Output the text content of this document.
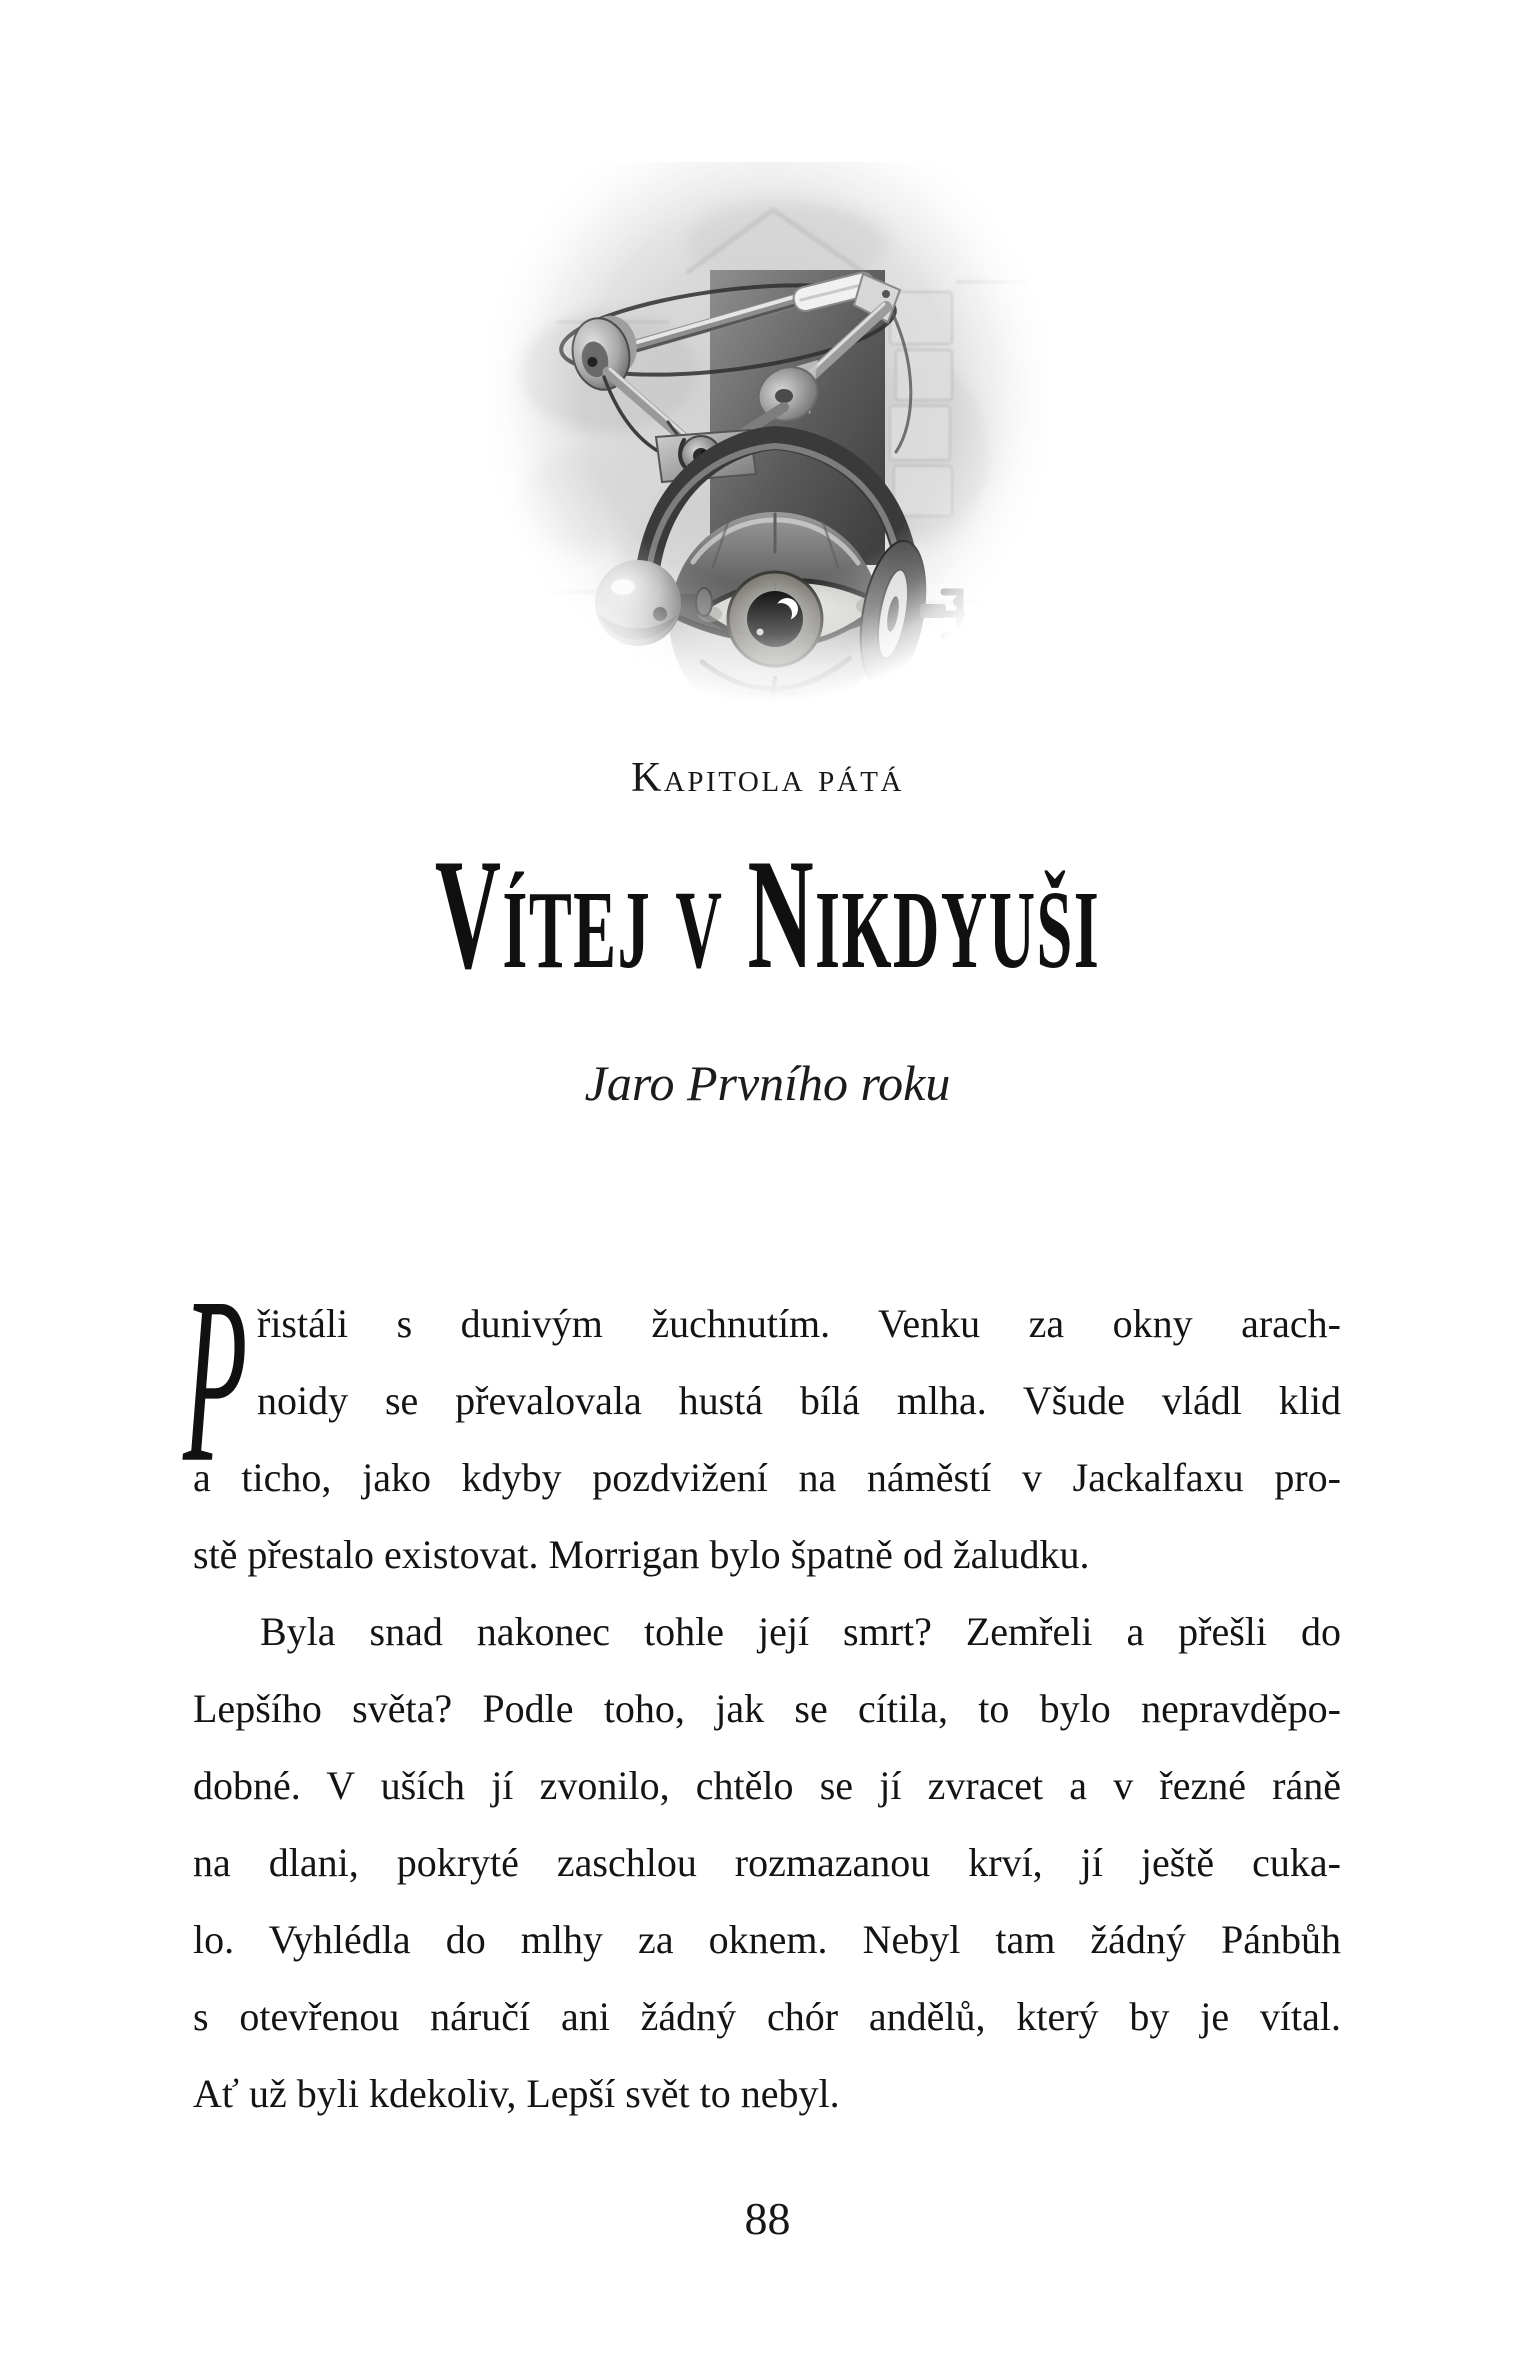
Kapitola pátá
Vítej v Nikdyuši
Jaro Prvního roku
P řistáli s dunivým žuchnutím. Venku za okny arach-
noidy se převalovala hustá bílá mlha. Všude vládl klid
a ticho, jako kdyby pozdvižení na náměstí v Jackalfaxu pro-
stě přestalo existovat. Morrigan bylo špatně od žaludku.
Byla snad nakonec tohle její smrt? Zemřeli a přešli do
Lepšího světa? Podle toho, jak se cítila, to bylo nepravděpo-
dobné. V uších jí zvonilo, chtělo se jí zvracet a v řezné ráně
na dlani, pokryté zaschlou rozmazanou krví, jí ještě cuka-
lo. Vyhlédla do mlhy za oknem. Nebyl tam žádný Pánbůh
s otevřenou náručí ani žádný chór andělů, který by je vítal.
Ať už byli kdekoliv, Lepší svět to nebyl.
88
